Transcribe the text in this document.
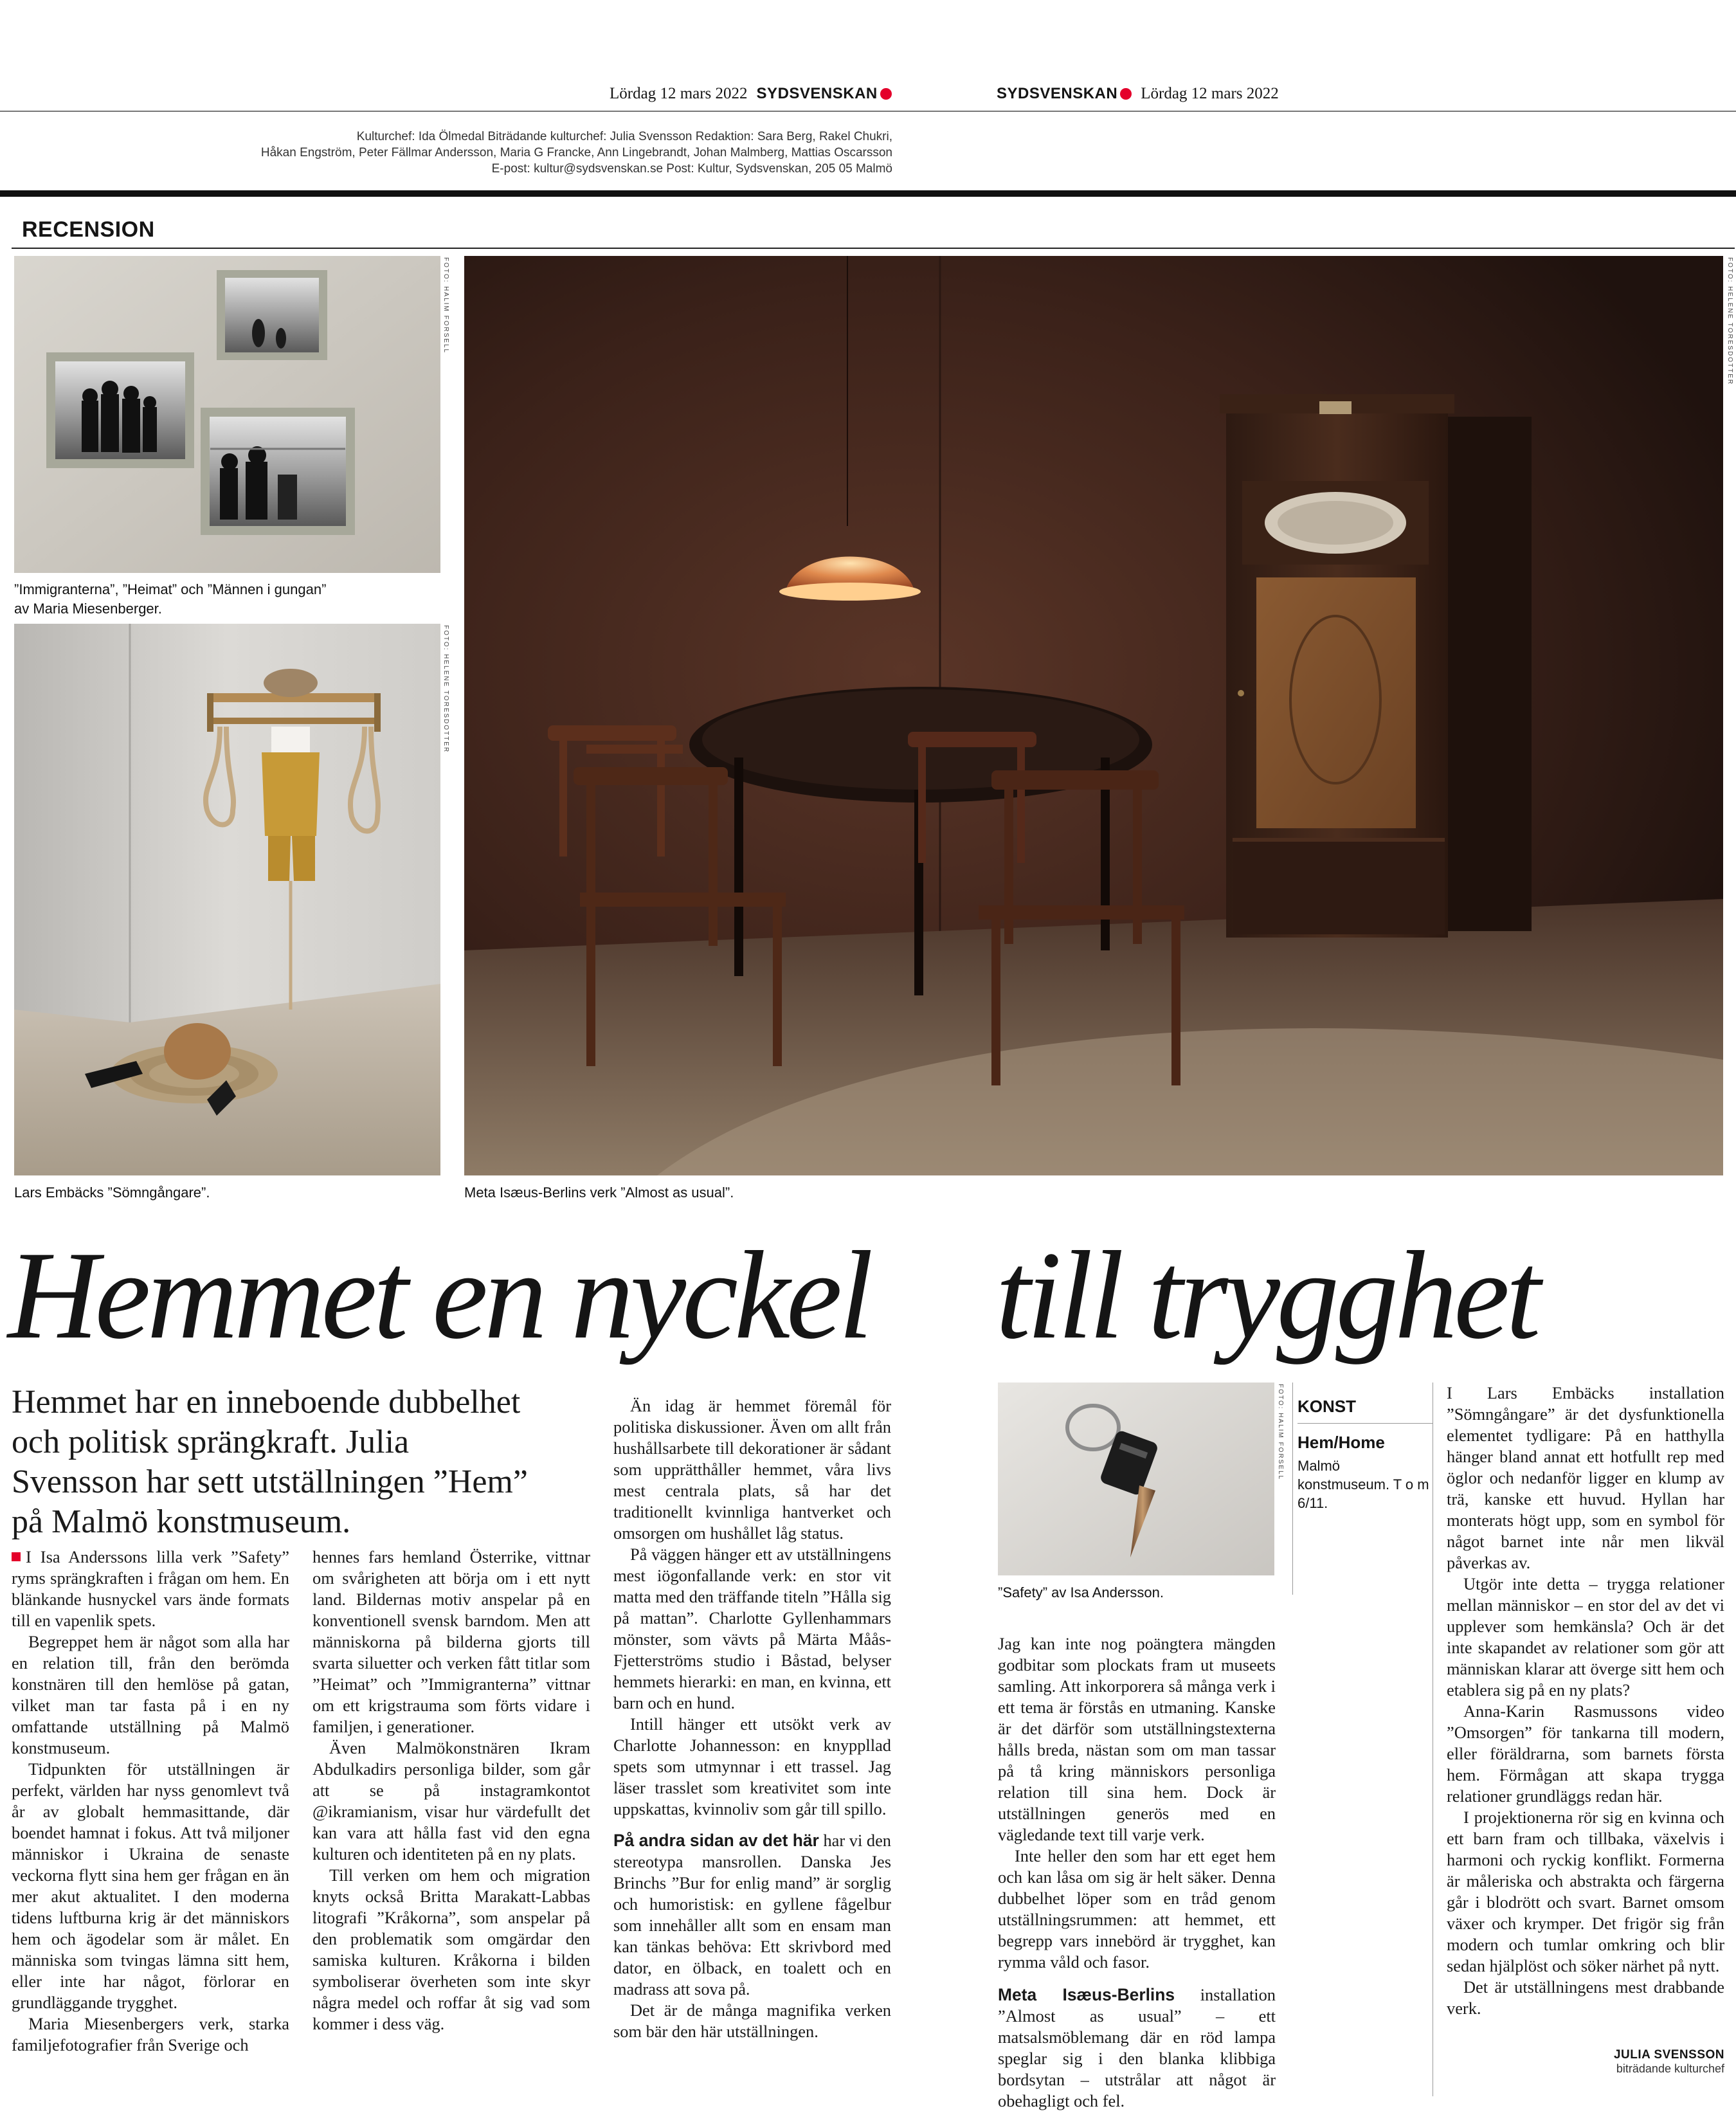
Lördag 12 mars 2022 SYDSVENSKAN	SYDSVENSKAN Lördag 12 mars 2022
Kulturchef: Ida Ölmedal Biträdande kulturchef: Julia Svensson Redaktion: Sara Berg, Rakel Chukri,
Håkan Engström, Peter Fällmar Andersson, Maria G Francke, Ann Lingebrandt, Johan Malmberg, Mattias Oscarsson
E-post: kultur@sydsvenskan.se Post: Kultur, Sydsvenskan, 205 05 Malmö
RECENSION
FOTO: HALIM FORSELL
”Immigranterna”, ”Heimat” och ”Männen i gungan”
av Maria Miesenberger.
FOTO: HELENE TORESDOTTER
Lars Embäcks ”Sömngångare”.
FOTO: HELENE TORESDOTTER
Meta Isæus-Berlins verk ”Almost as usual”.
Hemmet en nyckel till trygghet
Hemmet har en inneboende dubbelhet och politisk sprängkraft. Julia Svensson har sett utställningen ”Hem” på Malmö konstmuseum.

I Isa Anderssons lilla verk ”Safety” ryms sprängkraften i frågan om hem. En blänkande husnyckel vars ände formats till en vapenlik spets.

Begreppet hem är något som alla har en relation till, från den berömda konstnären till den hemlöse på gatan, vilket man tar fasta på i en ny omfattande utställning på Malmö konstmuseum.

Tidpunkten för utställningen är perfekt, världen har nyss genomlevt två år av globalt hemmasittande, där boendet hamnat i fokus. Att två miljoner människor i Ukraina de senaste veckorna flytt sina hem ger frågan en än mer akut aktualitet. I den moderna tidens luftburna krig är det människors hem och ägodelar som är målet. En människa som tvingas lämna sitt hem, eller inte har något, förlorar en grundläggande trygghet.

Maria Miesenbergers verk, starka familjefotografier från Sverige och

hennes fars hemland Österrike, vittnar om svårigheten att börja om i ett nytt land. Bildernas motiv anspelar på en konventionell svensk barndom. Men att människorna på bilderna gjorts till svarta siluetter och verken fått titlar som ”Heimat” och ”Immigranterna” vittnar om ett krigstrauma som förts vidare i familjen, i generationer.

Även Malmökonstnären Ikram Abdulkadirs personliga bilder, som går att se på instagramkontot @ikramianism, visar hur värdefullt det kan vara att hålla fast vid den egna kulturen och identiteten på en ny plats.

Till verken om hem och migration knyts också Britta Marakatt-Labbas litografi ”Kråkorna”, som anspelar på den problematik som omgärdar den samiska kulturen. Kråkorna i bilden symboliserar överheten som inte skyr några medel och roffar åt sig vad som kommer i dess väg.

Än idag är hemmet föremål för politiska diskussioner. Även om allt från hushållsarbete till dekorationer är sådant som upprätthåller hemmet, våra livs mest centrala plats, så har det traditionellt kvinnliga hantverket och omsorgen om hushållet låg status.

På väggen hänger ett av utställningens mest iögonfallande verk: en stor vit matta med den träffande titeln ”Hålla sig på mattan”. Charlotte Gyllenhammars mönster, som vävts på Märta Måås-Fjetterströms studio i Båstad, belyser hemmets hierarki: en man, en kvinna, ett barn och en hund.

Intill hänger ett utsökt verk av Charlotte Johannesson: en knyppllad spets som utmynnar i ett trassel. Jag läser trasslet som kreativitet som inte uppskattas, kvinnoliv som går till spillo.

På andra sidan av det här har vi den stereotypa mansrollen. Danska Jes Brinchs ”Bur for enlig mand” är sorglig och humoristisk: en gyllene fågelbur som innehåller allt som en ensam man kan tänkas behöva: Ett skrivbord med dator, en ölback, en toalett och en madrass att sova på.

Det är de många magnifika verken som bär den här utställningen.

FOTO: HALIM FORSELL
”Safety” av Isa Andersson.
KONST
Hem/Home
Malmö konstmuseum. T o m 6/11.

Jag kan inte nog poängtera mängden godbitar som plockats fram ut museets samling. Att inkorporera så många verk i ett tema är förstås en utmaning. Kanske är det därför som utställningstexterna hålls breda, nästan som om man tassar på tå kring människors personliga relation till sina hem. Dock är utställningen generös med en vägledande text till varje verk.

Inte heller den som har ett eget hem och kan låsa om sig är helt säker. Denna dubbelhet löper som en tråd genom utställningsrummen: att hemmet, ett begrepp vars innebörd är trygghet, kan rymma våld och fasor.

Meta Isæus-Berlins installation ”Almost as usual” – ett matsalsmöblemang där en röd lampa speglar sig i den blanka klibbiga bordsytan – utstrålar att något är obehagligt och fel.

I Lars Embäcks installation ”Sömngångare” är det dysfunktionella elementet tydligare: På en hatthylla hänger bland annat ett hotfullt rep med öglor och nedanför ligger en klump av trä, kanske ett huvud. Hyllan har monterats högt upp, som en symbol för något barnet inte når men likväl påverkas av.

Utgör inte detta – trygga relationer mellan människor – en stor del av det vi upplever som hemkänsla? Och är det inte skapandet av relationer som gör att människan klarar att överge sitt hem och etablera sig på en ny plats?

Anna-Karin Rasmussons video ”Omsorgen” för tankarna till modern, eller föräldrarna, som barnets första hem. Förmågan att skapa trygga relationer grundläggs redan här.

I projektionerna rör sig en kvinna och ett barn fram och tillbaka, växelvis i harmoni och ryckig konflikt. Formerna är måleriska och abstrakta och färgerna går i blodrött och svart. Barnet omsom växer och krymper. Det frigör sig från modern och tumlar omkring och blir sedan hjälplöst och söker närhet på nytt.

Det är utställningens mest drabbande verk.

JULIA SVENSSON
biträdande kulturchef
